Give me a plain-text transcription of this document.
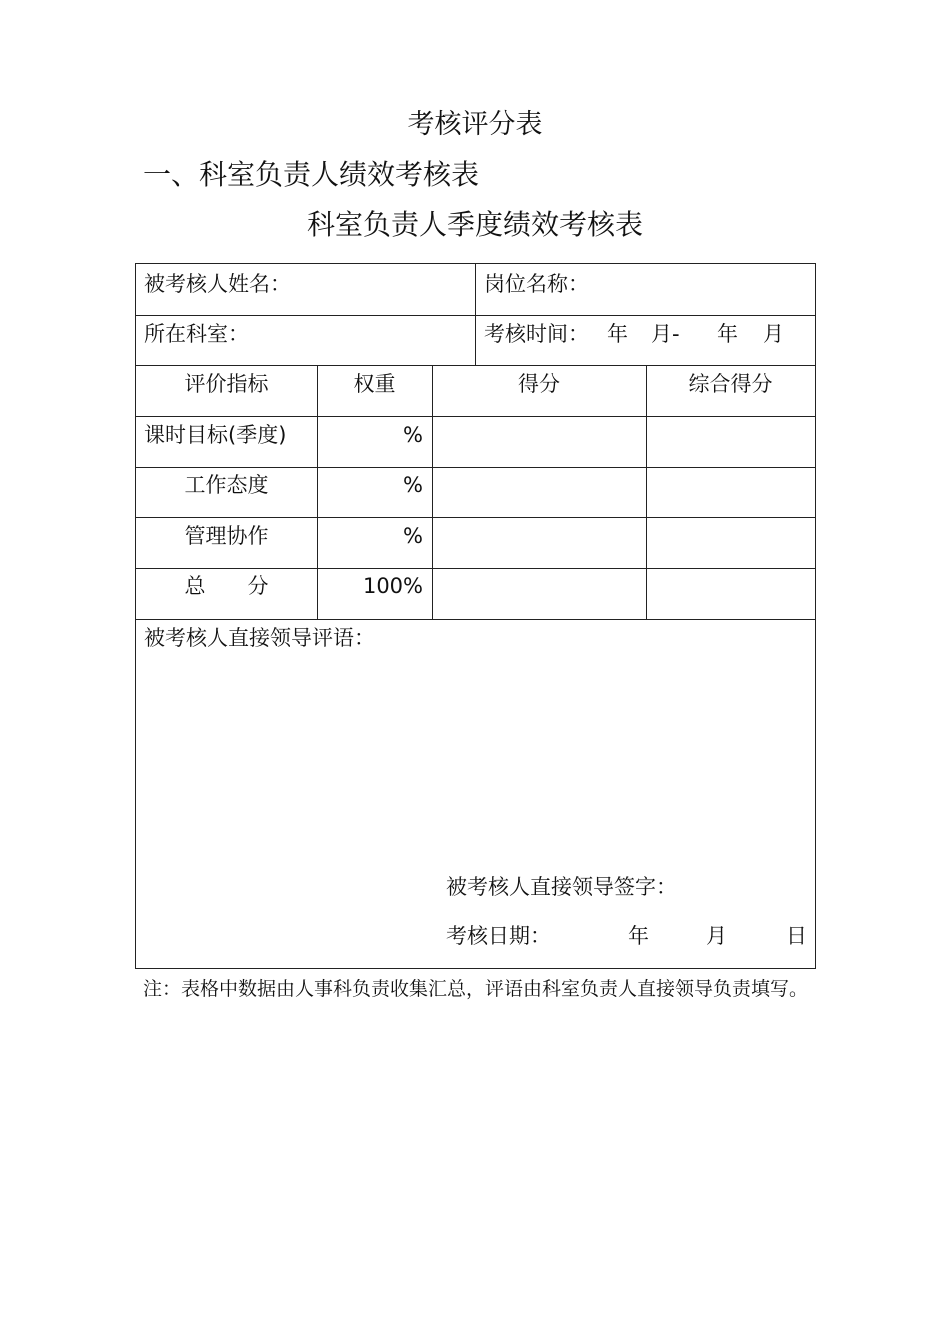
考核评分表
一、科室负责人绩效考核表
科室负责人季度绩效考核表
被考核人姓名：	岗位名称：
所在科室：	考核时间： 年 月- 年 月
评价指标	权重	得分	综合得分
课时目标(季度)	%
工作态度	%
管理协作	%
总　　分	100%
被考核人直接领导评语：
被考核人直接领导签字：
考核日期：	年	月	日
注：表格中数据由人事科负责收集汇总，评语由科室负责人直接领导负责填写。
